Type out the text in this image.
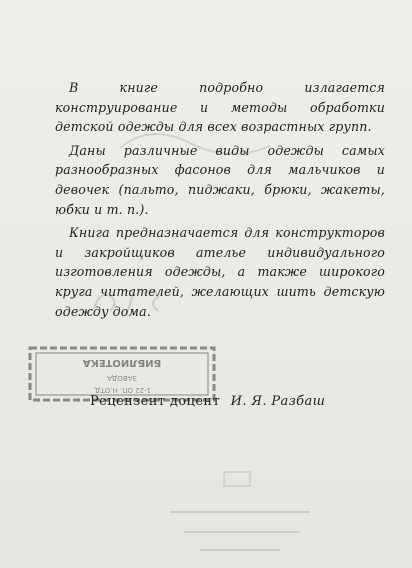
В книге подробно излагается конструирование и методы обработки детской одежды для всех возрастных групп.

Даны различные виды одежды самых разнообразных фасонов для мальчиков и девочек (пальто, пиджаки, брюки, жакеты, юбки и т. п.).

Книга предназначается для конструкторов и закройщиков ателье индивидуального изготовления одежды, а также широкого круга читателей, желающих шить детскую одежду дома.

БИБЛИОТЕКА
ЗАВОДА
1-22 ОП. Н.ОТД.
Рецензент доцент И. Я. Разбаш
